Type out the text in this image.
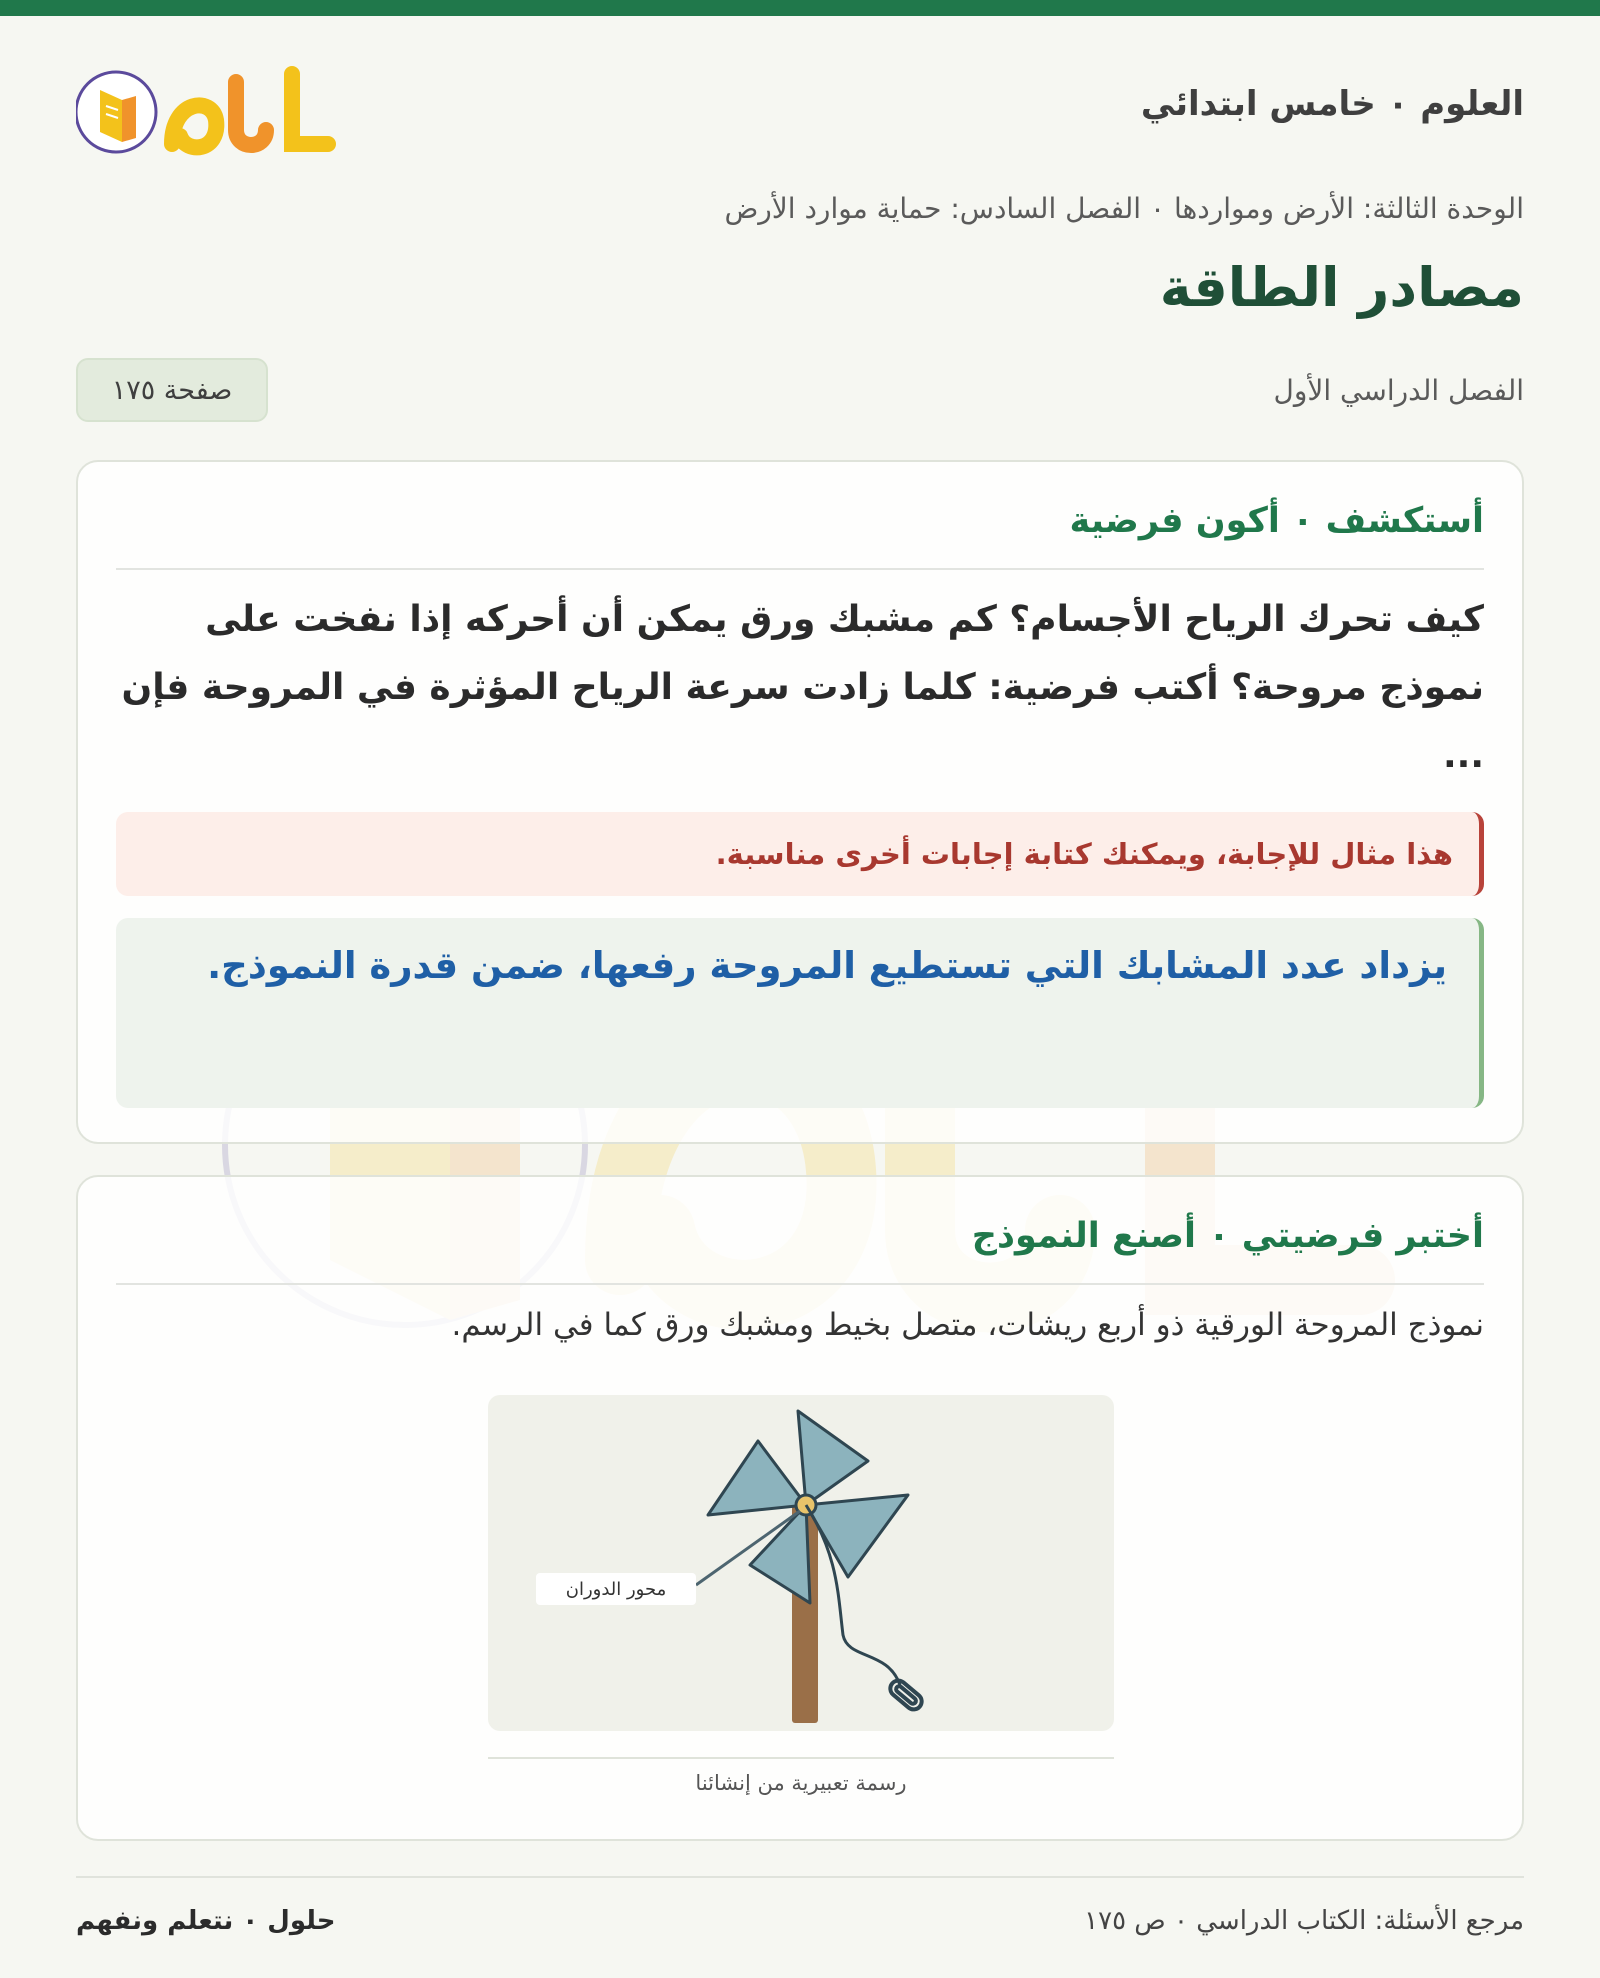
العلوم ٠ خامس ابتدائي
الوحدة الثالثة: الأرض ومواردها ٠ الفصل السادس: حماية موارد الأرض
مصادر الطاقة
الفصل الدراسي الأول
صفحة ١٧٥
أستكشف ٠ أكون فرضية

كيف تحرك الرياح الأجسام؟ كم مشبك ورق يمكن أن أحركه إذا نفخت على نموذج مروحة؟ أكتب فرضية: كلما زادت سرعة الرياح المؤثرة في المروحة فإن ...

هذا مثال للإجابة، ويمكنك كتابة إجابات أخرى مناسبة.
يزداد عدد المشابك التي تستطيع المروحة رفعها، ضمن قدرة النموذج.
أختبر فرضيتي ٠ أصنع النموذج

نموذج المروحة الورقية ذو أربع ريشات، متصل بخيط ومشبك ورق كما في الرسم.

محور الدوران
رسمة تعبيرية من إنشائنا
مرجع الأسئلة: الكتاب الدراسي ٠ ص ١٧٥
حلول ٠ نتعلم ونفهم
